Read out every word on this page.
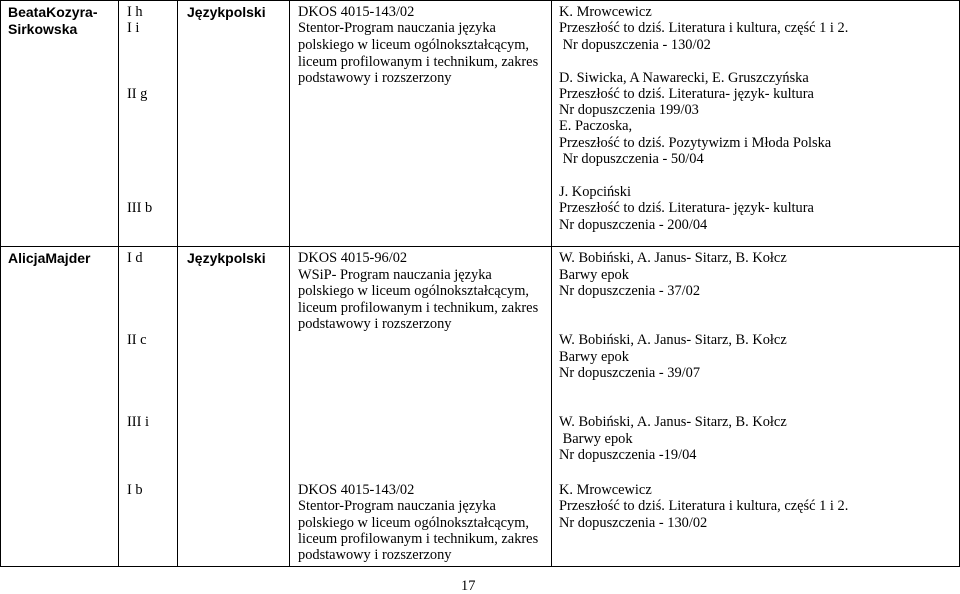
BeataKozyra-
Sirkowska
I h
I i
II g
III b
Językpolski DKOS 4015-143/02
Stentor-Program nauczania języka
polskiego w liceum ogólnokształcącym,
liceum profilowanym i technikum, zakres
podstawowy i rozszerzony
K. Mrowcewicz
Przeszłość to dziś. Literatura i kultura, część 1 i 2.
Nr dopuszczenia - 130/02
D. Siwicka, A Nawarecki, E. Gruszczyńska
Przeszłość to dziś. Literatura- język- kultura
Nr dopuszczenia 199/03
E. Paczoska,
Przeszłość to dziś. Pozytywizm i Młoda Polska
Nr dopuszczenia - 50/04
J. Kopciński
Przeszłość to dziś. Literatura- język- kultura
Nr dopuszczenia - 200/04
AlicjaMajder	I d
II c
III i
I b
Językpolski DKOS 4015-96/02
WSiP- Program nauczania języka
polskiego w liceum ogólnokształcącym,
liceum profilowanym i technikum, zakres
podstawowy i rozszerzony
DKOS 4015-143/02
Stentor-Program nauczania języka
polskiego w liceum ogólnokształcącym,
liceum profilowanym i technikum, zakres
podstawowy i rozszerzony
W. Bobiński, A. Janus- Sitarz, B. Kołcz
Barwy epok
Nr dopuszczenia - 37/02
W. Bobiński, A. Janus- Sitarz, B. Kołcz
Barwy epok
Nr dopuszczenia - 39/07
W. Bobiński, A. Janus- Sitarz, B. Kołcz
Barwy epok
Nr dopuszczenia -19/04
K. Mrowcewicz
Przeszłość to dziś. Literatura i kultura, część 1 i 2.
Nr dopuszczenia - 130/02
17
